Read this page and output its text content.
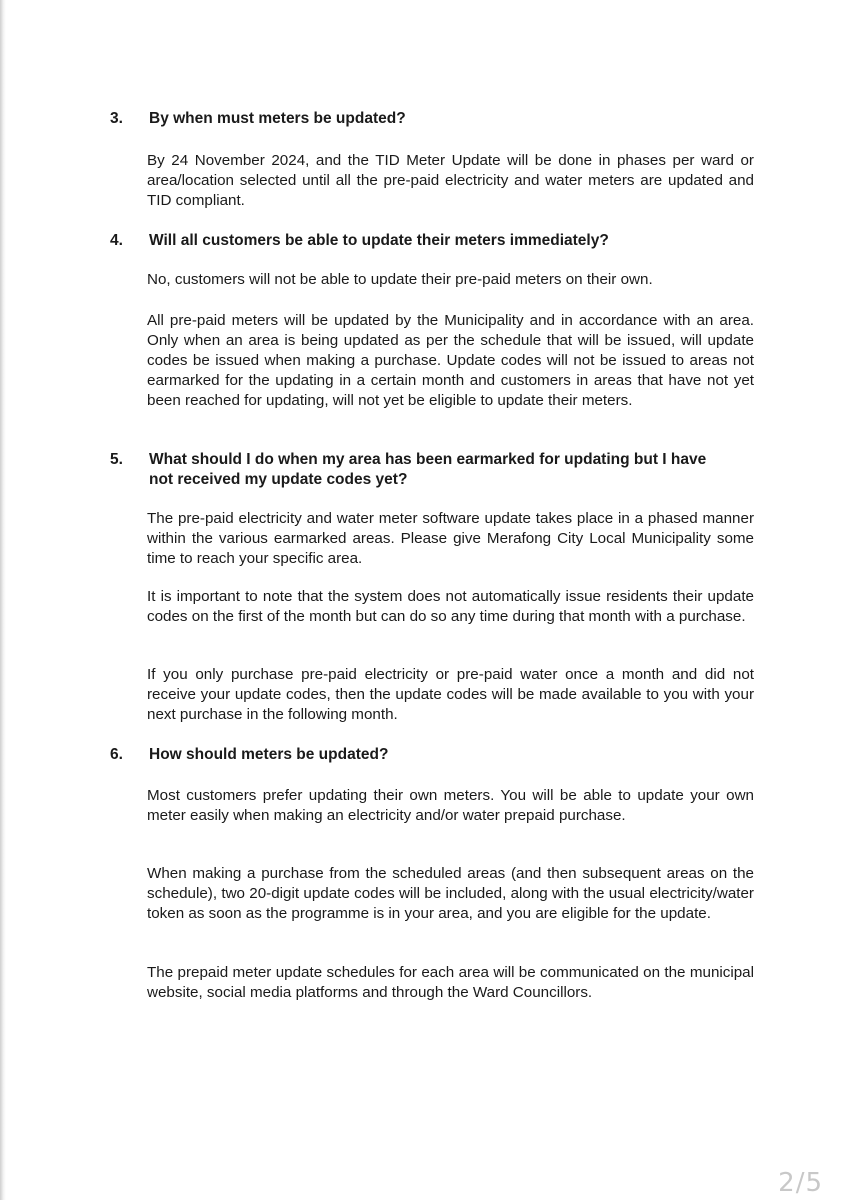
3. By when must meters be updated?

By 24 November 2024, and the TID Meter Update will be done in phases per ward or area/location selected until all the pre-paid electricity and water meters are updated and TID compliant.

4. Will all customers be able to update their meters immediately?

No, customers will not be able to update their pre-paid meters on their own.

All pre-paid meters will be updated by the Municipality and in accordance with an area. Only when an area is being updated as per the schedule that will be issued, will update codes be issued when making a purchase. Update codes will not be issued to areas not earmarked for the updating in a certain month and customers in areas that have not yet been reached for updating, will not yet be eligible to update their meters.

5. What should I do when my area has been earmarked for updating but I have not received my update codes yet?

The pre-paid electricity and water meter software update takes place in a phased manner within the various earmarked areas. Please give Merafong City Local Municipality some time to reach your specific area.

It is important to note that the system does not automatically issue residents their update codes on the first of the month but can do so any time during that month with a purchase.

If you only purchase pre-paid electricity or pre-paid water once a month and did not receive your update codes, then the update codes will be made available to you with your next purchase in the following month.

6. How should meters be updated?

Most customers prefer updating their own meters. You will be able to update your own meter easily when making an electricity and/or water prepaid purchase.

When making a purchase from the scheduled areas (and then subsequent areas on the schedule), two 20-digit update codes will be included, along with the usual electricity/water token as soon as the programme is in your area, and you are eligible for the update.

The prepaid meter update schedules for each area will be communicated on the municipal website, social media platforms and through the Ward Councillors.

2/5
